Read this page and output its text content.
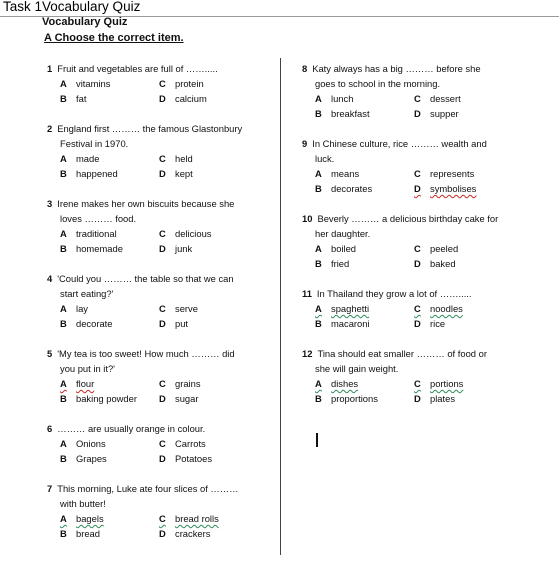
Task 1Vocabulary Quiz
Vocabulary Quiz
A Choose the correct item.
1 Fruit and vegetables are full of …….....
A vitamins	C protein
B fat	D calcium
2 England first ……… the famous Glastonbury
Festival in 1970.
A made	C held
B happened	D kept
3 Irene makes her own biscuits because she
loves ……… food.
A traditional	C delicious
B homemade	D junk
4 'Could you ……… the table so that we can
start eating?'
A lay	C serve
B decorate	D put
5 'My tea is too sweet! How much ……… did
you put in it?'
A flour	C grains
B baking powder D sugar
6 ……… are usually orange in colour.
A Onions	C Carrots
B Grapes	D Potatoes
7 This morning, Luke ate four slices of ………
with butter!
A bagels	C bread rolls
B bread	D crackers
8 Katy always has a big ……… before she
goes to school in the morning.
A lunch	C dessert
B breakfast	D supper
9 In Chinese culture, rice ……… wealth and
luck.
A means	C represents
B decorates	D symbolises
10 Beverly ……… a delicious birthday cake for
her daughter.
A boiled	C peeled
B fried	D baked
11 In Thailand they grow a lot of …….....
A spaghetti	C noodles
B macaroni	D rice
12 Tina should eat smaller ……… of food or
she will gain weight.
A dishes	C portions
B proportions	D plates
